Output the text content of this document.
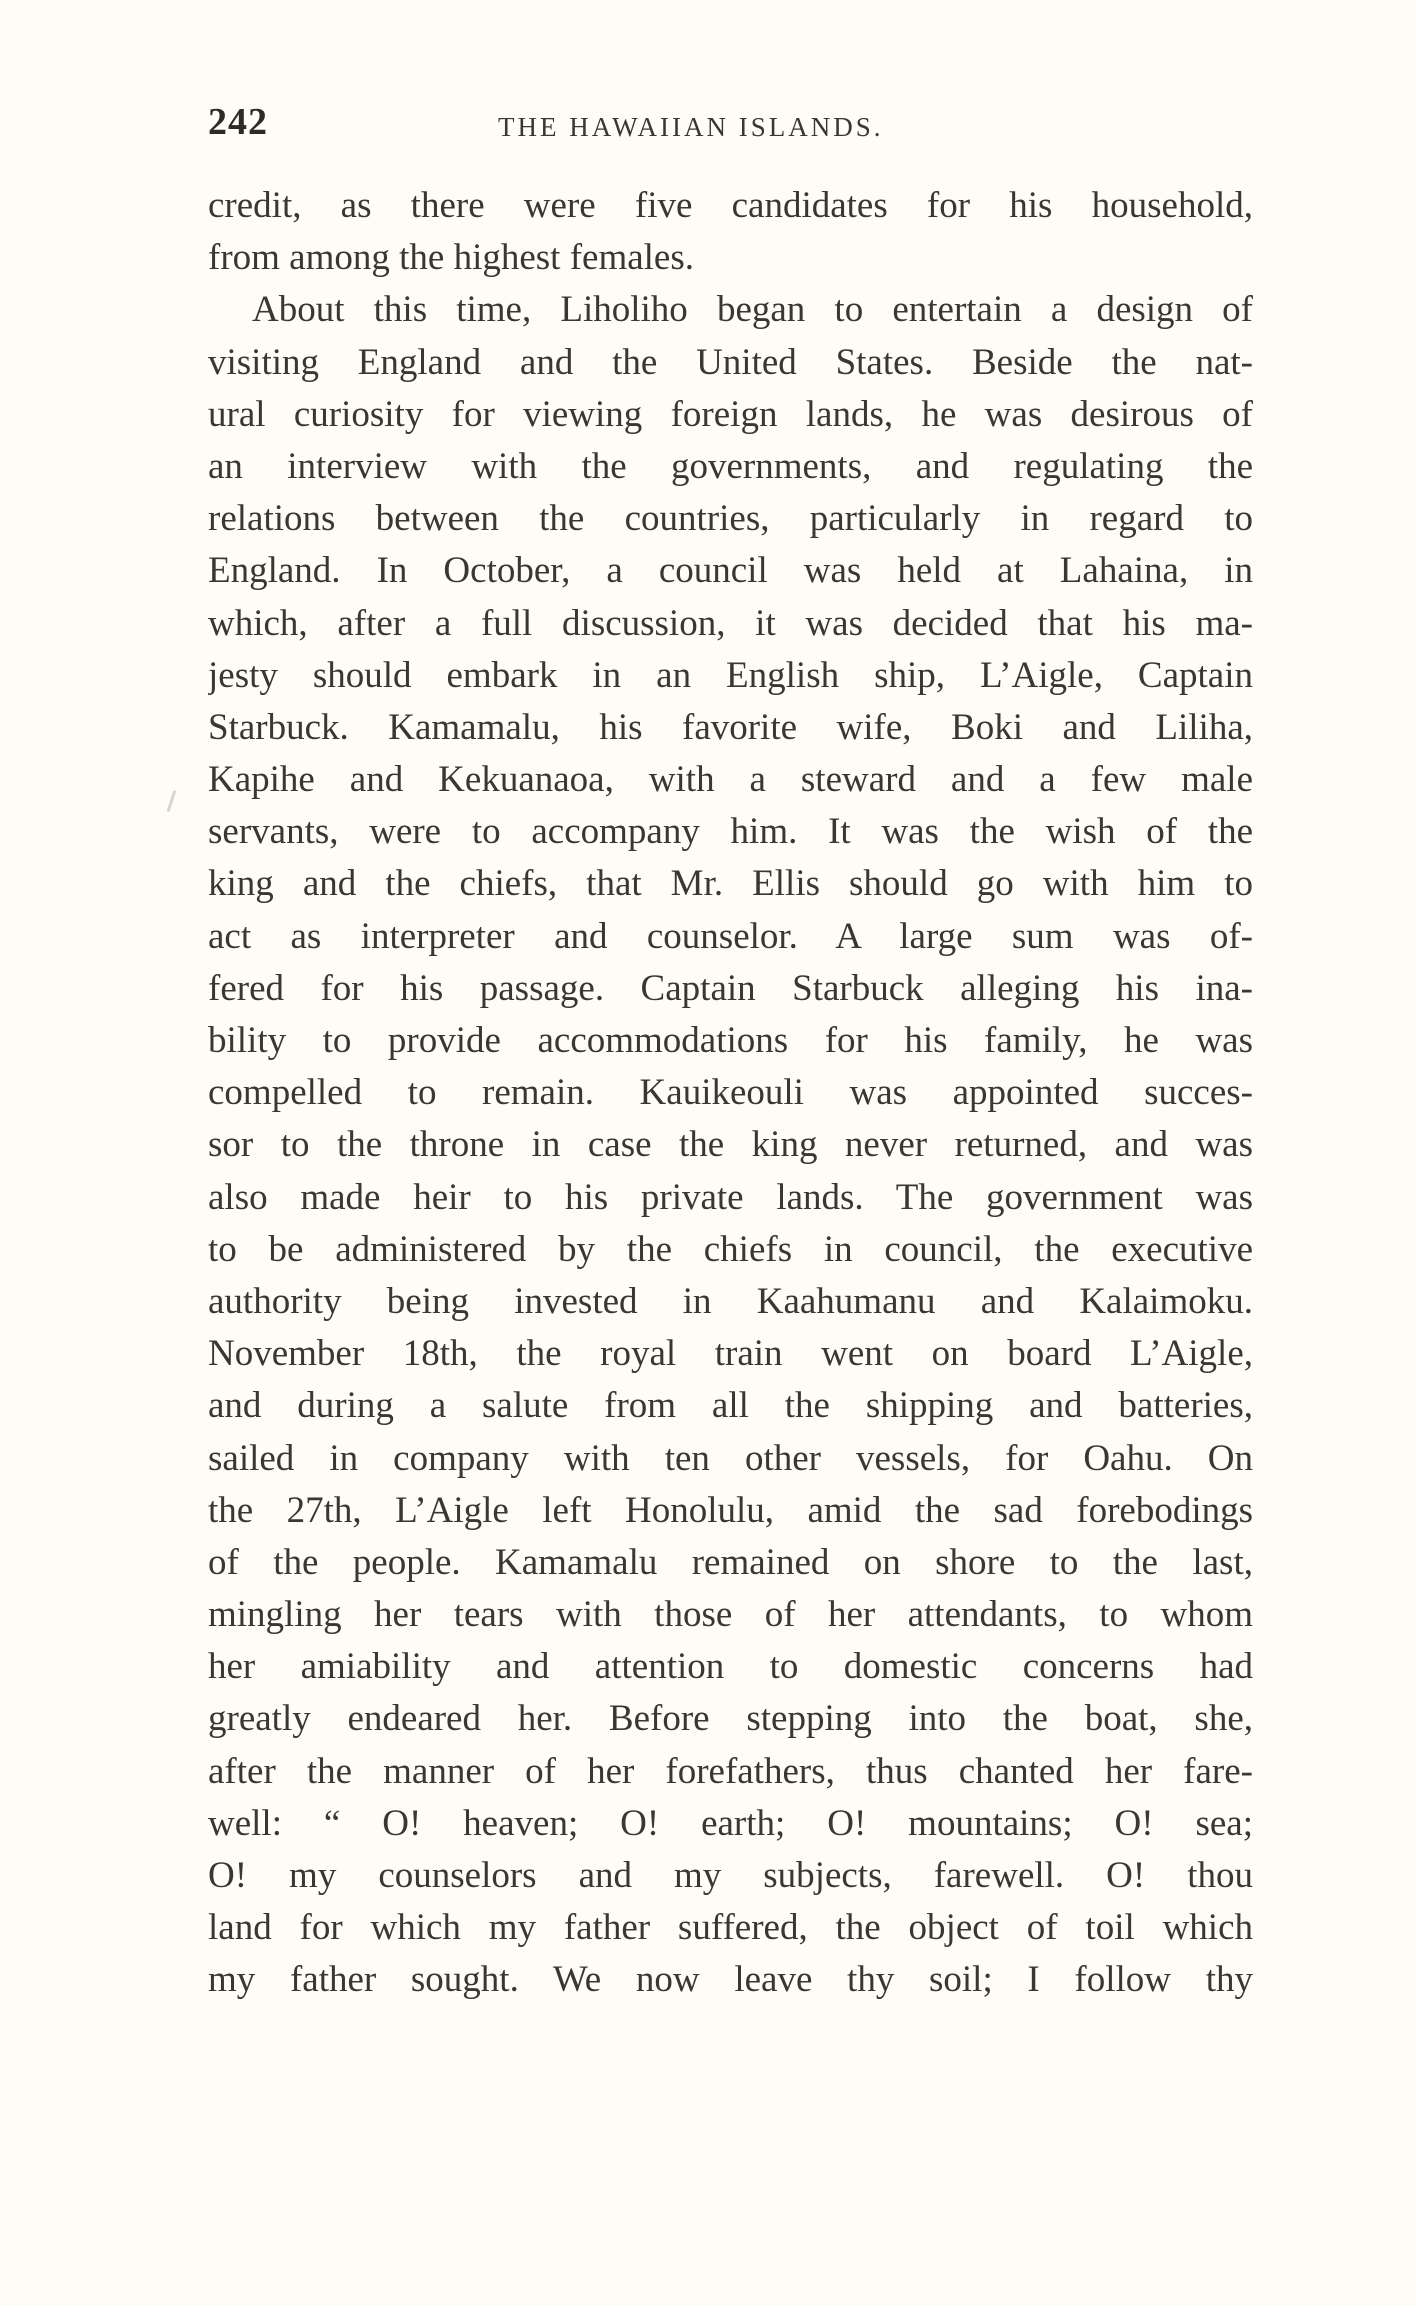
242	THE HAWAIIAN ISLANDS.
credit, as there were five candidates for his household,
from among the highest females.
About this time, Liholiho began to entertain a design of
visiting England and the United States. Beside the nat-
ural curiosity for viewing foreign lands, he was desirous of
an interview with the governments, and regulating the
relations between the countries, particularly in regard to
England. In October, a council was held at Lahaina, in
which, after a full discussion, it was decided that his ma-
jesty should embark in an English ship, L’Aigle, Captain
Starbuck. Kamamalu, his favorite wife, Boki and Liliha,
Kapihe and Kekuanaoa, with a steward and a few male
servants, were to accompany him. It was the wish of the
king and the chiefs, that Mr. Ellis should go with him to
act as interpreter and counselor. A large sum was of-
fered for his passage. Captain Starbuck alleging his ina-
bility to provide accommodations for his family, he was
compelled to remain. Kauikeouli was appointed succes-
sor to the throne in case the king never returned, and was
also made heir to his private lands. The government was
to be administered by the chiefs in council, the executive
authority being invested in Kaahumanu and Kalaimoku.
November 18th, the royal train went on board L’Aigle,
and during a salute from all the shipping and batteries,
sailed in company with ten other vessels, for Oahu. On
the 27th, L’Aigle left Honolulu, amid the sad forebodings
of the people. Kamamalu remained on shore to the last,
mingling her tears with those of her attendants, to whom
her amiability and attention to domestic concerns had
greatly endeared her. Before stepping into the boat, she,
after the manner of her forefathers, thus chanted her fare-
well: “ O! heaven; O! earth; O! mountains; O! sea;
O! my counselors and my subjects, farewell. O! thou
land for which my father suffered, the object of toil which
my father sought. We now leave thy soil; I follow thy
